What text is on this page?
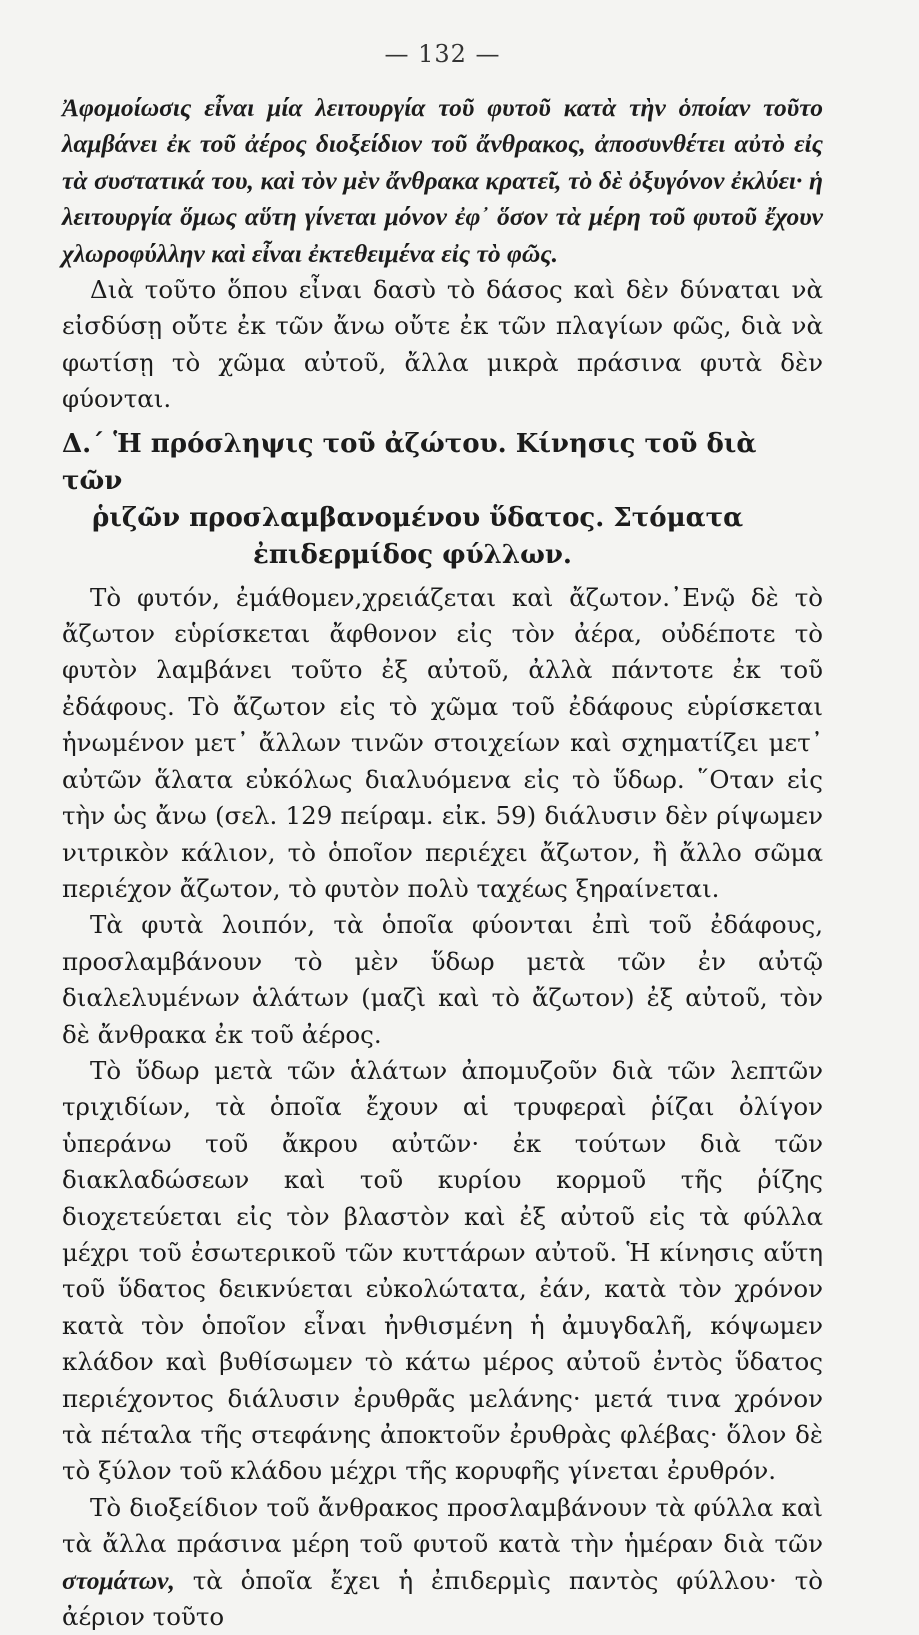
— 132 —

Ἀφομοίωσις εἶναι μία λειτουργία τοῦ φυτοῦ κατὰ τὴν ὁποίαν τοῦτο λαμβάνει ἐκ τοῦ ἀέρος διοξείδιον τοῦ ἄνθρακος, ἀποσυνθέτει αὐτὸ εἰς τὰ συστατικά του, καὶ τὸν μὲν ἄνθρακα κρατεῖ, τὸ δὲ ὀξυγόνον ἐκλύει· ἡ λειτουργία ὅμως αὕτη γίνεται μόνον ἐφ᾽ ὅσον τὰ μέρη τοῦ φυτοῦ ἔχουν χλωροφύλλην καὶ εἶναι ἐκτεθειμένα εἰς τὸ φῶς.

Διὰ τοῦτο ὅπου εἶναι δασὺ τὸ δάσος καὶ δὲν δύναται νὰ εἰσδύσῃ οὔτε ἐκ τῶν ἄνω οὔτε ἐκ τῶν πλαγίων φῶς, διὰ νὰ φωτίσῃ τὸ χῶμα αὐτοῦ, ἄλλα μικρὰ πράσινα φυτὰ δὲν φύονται.

Δ.´ Ἡ πρόσληψις τοῦ ἀζώτου. Κίνησις τοῦ διὰ τῶν
ῥιζῶν προσλαμβανομένου ὕδατος. Στόματα
ἐπιδερμίδος φύλλων.

Τὸ φυτόν, ἐμάθομεν,χρειάζεται καὶ ἄζωτον.᾿Ενῷ δὲ τὸ ἄζωτον εὑρίσκεται ἄφθονον εἰς τὸν ἀέρα, οὐδέποτε τὸ φυτὸν λαμβάνει τοῦτο ἐξ αὐτοῦ, ἀλλὰ πάντοτε ἐκ τοῦ ἐδάφους. Τὸ ἄζωτον εἰς τὸ χῶμα τοῦ ἐδάφους εὑρίσκεται ἡνωμένον μετ᾽ ἄλλων τινῶν στοιχείων καὶ σχηματίζει μετ᾽ αὐτῶν ἅλατα εὐκόλως διαλυόμενα εἰς τὸ ὕδωρ. ῞Οταν εἰς τὴν ὡς ἄνω (σελ. 129 πείραμ. εἰκ. 59) διάλυσιν δὲν ρίψωμεν νιτρικὸν κάλιον, τὸ ὁποῖον περιέχει ἄζωτον, ἢ ἄλλο σῶμα περιέχον ἄζωτον, τὸ φυτὸν πολὺ ταχέως ξηραίνεται.

Τὰ φυτὰ λοιπόν, τὰ ὁποῖα φύονται ἐπὶ τοῦ ἐδάφους, προσλαμβάνουν τὸ μὲν ὕδωρ μετὰ τῶν ἐν αὐτῷ διαλελυμένων ἁλάτων (μαζὶ καὶ τὸ ἄζωτον) ἐξ αὐτοῦ, τὸν δὲ ἄνθρακα ἐκ τοῦ ἀέρος.

Τὸ ὕδωρ μετὰ τῶν ἁλάτων ἀπομυζοῦν διὰ τῶν λεπτῶν τριχιδίων, τὰ ὁποῖα ἔχουν αἱ τρυφεραὶ ῥίζαι ὀλίγον ὑπεράνω τοῦ ἄκρου αὐτῶν· ἐκ τούτων διὰ τῶν διακλαδώσεων καὶ τοῦ κυρίου κορμοῦ τῆς ῥίζης διοχετεύεται εἰς τὸν βλαστὸν καὶ ἐξ αὐτοῦ εἰς τὰ φύλλα μέχρι τοῦ ἐσωτερικοῦ τῶν κυττάρων αὐτοῦ. Ἡ κίνησις αὕτη τοῦ ὕδατος δεικνύεται εὐκολώτατα, ἐάν, κατὰ τὸν χρόνον κατὰ τὸν ὁποῖον εἶναι ἠνθισμένη ἡ ἀμυγδαλῆ, κόψωμεν κλάδον καὶ βυθίσωμεν τὸ κάτω μέρος αὐτοῦ ἐντὸς ὕδατος περιέχοντος διάλυσιν ἐρυθρᾶς μελάνης· μετά τινα χρόνον τὰ πέταλα τῆς στεφάνης ἀποκτοῦν ἐρυθρὰς φλέβας· ὅλον δὲ τὸ ξύλον τοῦ κλάδου μέχρι τῆς κορυφῆς γίνεται ἐρυθρόν.

Τὸ διοξείδιον τοῦ ἄνθρακος προσλαμβάνουν τὰ φύλλα καὶ τὰ ἄλλα πράσινα μέρη τοῦ φυτοῦ κατὰ τὴν ἡμέραν διὰ τῶν στομάτων, τὰ ὁποῖα ἔχει ἡ ἐπιδερμὶς παντὸς φύλλου· τὸ ἀέριον τοῦτο
